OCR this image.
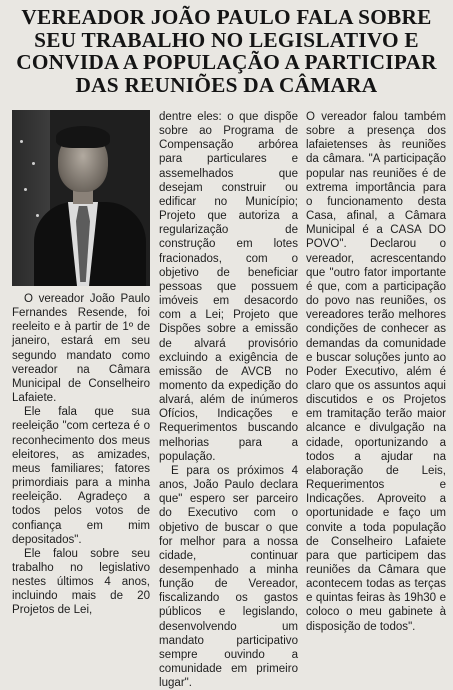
VEREADOR JOÃO PAULO FALA SOBRE
SEU TRABALHO NO LEGISLATIVO E
CONVIDA A POPULAÇÃO A PARTICIPAR
DAS REUNIÕES DA CÂMARA

O vereador João Paulo Fernandes Resende, foi reeleito e à partir de 1º de janeiro, estará em seu segundo mandato como vereador na Câmara Municipal de Conselheiro Lafaiete.

Ele fala que sua reeleição "com certeza é o reconhecimento dos meus eleitores, as amizades, meus familiares; fatores primordiais para a minha reeleição. Agradeço a todos pelos votos de confiança em mim depositados".

Ele falou sobre seu trabalho no legislativo nestes últimos 4 anos, incluindo mais de 20 Projetos de Lei,

dentre eles: o que dispõe sobre ao Programa de Compensação arbórea para particulares e assemelhados que desejam construir ou edificar no Município; Projeto que autoriza a regularização de construção em lotes fracionados, com o objetivo de beneficiar pessoas que possuem imóveis em desacordo com a Lei; Projeto que Dispões sobre a emissão de alvará provisório excluindo a exigência de emissão de AVCB no momento da expedição do alvará, além de inúmeros Ofícios, Indicações e Requerimentos buscando melhorias para a população.

E para os próximos 4 anos, João Paulo declara que" espero ser parceiro do Executivo com o objetivo de buscar o que for melhor para a nossa cidade, continuar desempenhado a minha função de Vereador, fiscalizando os gastos públicos e legislando, desenvolvendo um mandato participativo sempre ouvindo a comunidade em primeiro lugar".

O vereador falou também sobre a presença dos lafaietenses às reuniões da câmara. "A participação popular nas reuniões é de extrema importância para o funcionamento desta Casa, afinal, a Câmara Municipal é a CASA DO POVO". Declarou o vereador, acrescentando que "outro fator importante é que, com a participação do povo nas reuniões, os vereadores terão melhores condições de conhecer as demandas da comunidade e buscar soluções junto ao Poder Executivo, além é claro que os assuntos aqui discutidos e os Projetos em tramitação terão maior alcance e divulgação na cidade, oportunizando a todos a ajudar na elaboração de Leis, Requerimentos e Indicações. Aproveito a oportunidade e faço um convite a toda população de Conselheiro Lafaiete para que participem das reuniões da Câmara que acontecem todas as terças e quintas feiras às 19h30 e coloco o meu gabinete à disposição de todos".
